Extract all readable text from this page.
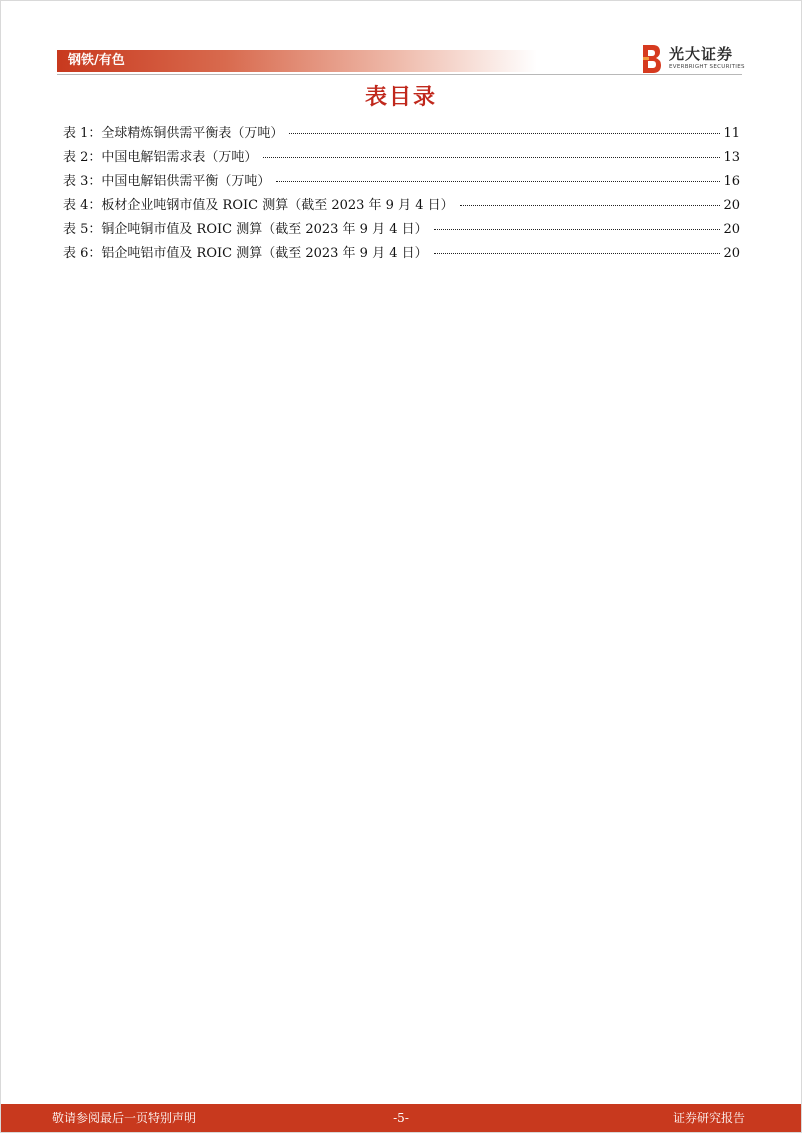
钢铁/有色	光大证券
EVERBRIGHT SECURITIES
表目录
表 1：全球精炼铜供需平衡表（万吨）	11
表 2：中国电解铝需求表（万吨）	13
表 3：中国电解铝供需平衡（万吨）	16
表 4：板材企业吨钢市值及 ROIC 测算（截至 2023 年 9 月 4 日）	20
表 5：铜企吨铜市值及 ROIC 测算（截至 2023 年 9 月 4 日）	20
表 6：铝企吨铝市值及 ROIC 测算（截至 2023 年 9 月 4 日）	20
敬请参阅最后一页特别声明	-5-	证券研究报告
